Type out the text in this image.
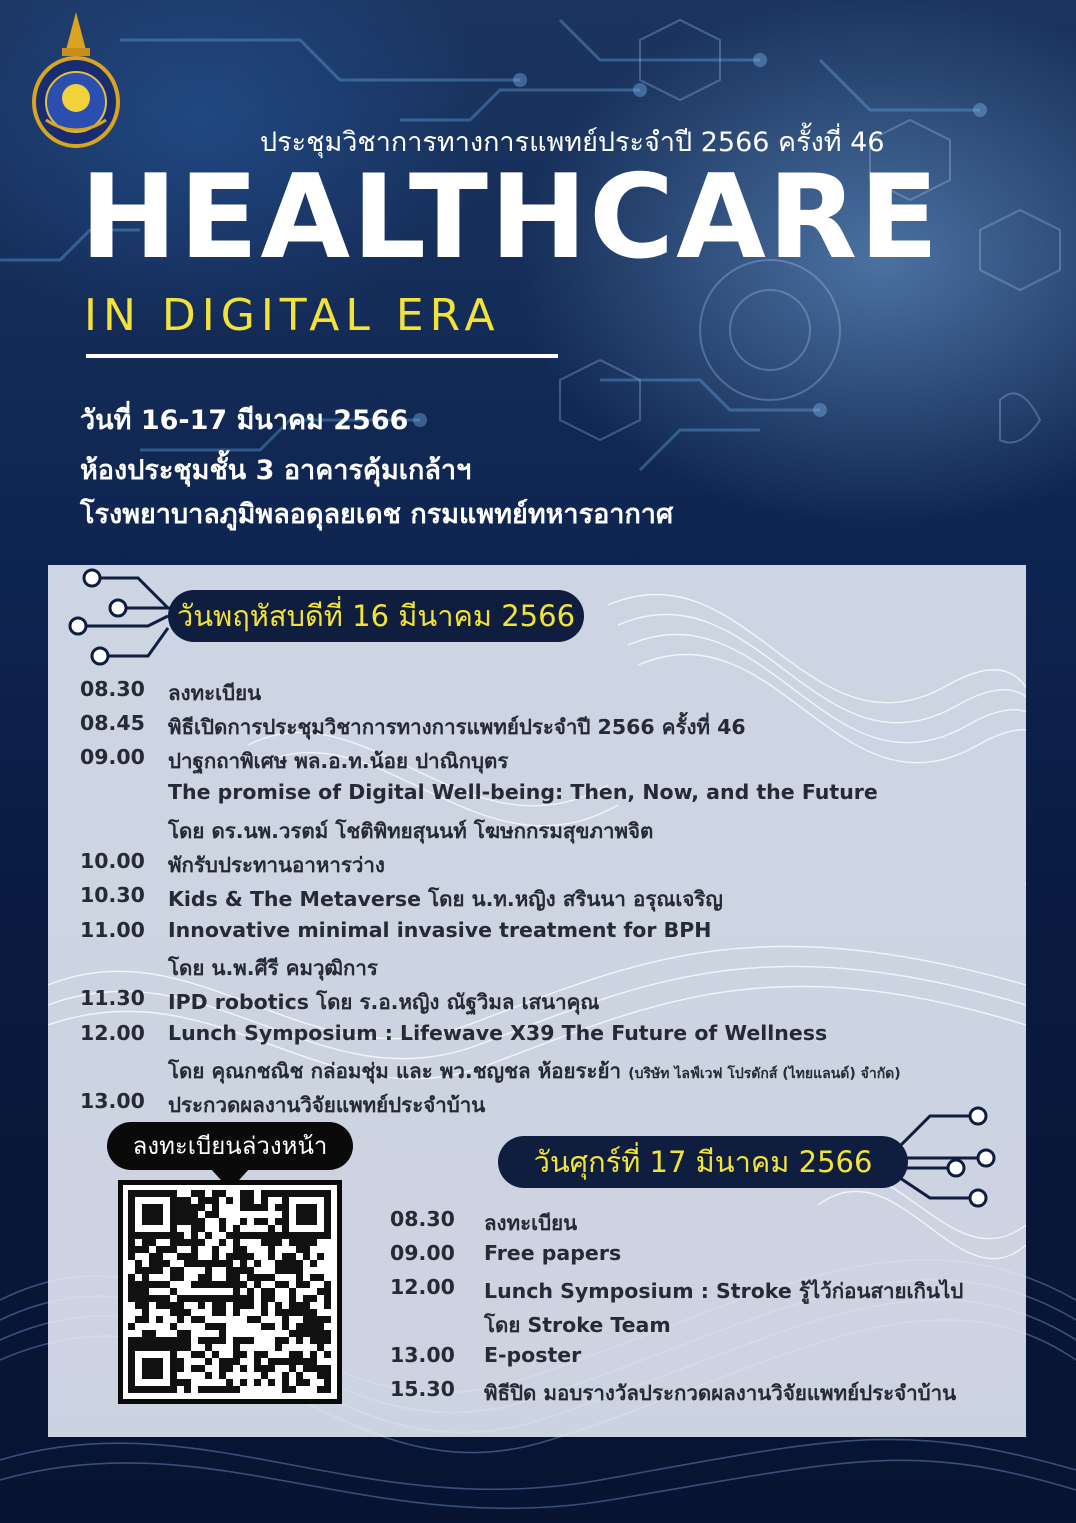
ประชุมวิชาการทางการแพทย์ประจำปี 2566 ครั้งที่ 46
HEALTHCARE
IN DIGITAL ERA
วันที่ 16-17 มีนาคม 2566
ห้องประชุมชั้น 3 อาคารคุ้มเกล้าฯ
โรงพยาบาลภูมิพลอดุลยเดช กรมแพทย์ทหารอากาศ
วันพฤหัสบดีที่ 16 มีนาคม 2566
08.30 ลงทะเบียน
08.45 พิธีเปิดการประชุมวิชาการทางการแพทย์ประจำปี 2566 ครั้งที่ 46
09.00 ปาฐกถาพิเศษ พล.อ.ท.น้อย ปาณิกบุตร
The promise of Digital Well-being: Then, Now, and the Future
โดย ดร.นพ.วรตม์ โชติพิทยสุนนท์ โฆษกกรมสุขภาพจิต
10.00 พักรับประทานอาหารว่าง
10.30 Kids & The Metaverse โดย น.ท.หญิง สรินนา อรุณเจริญ
11.00 Innovative minimal invasive treatment for BPH
โดย น.พ.ศีรี คมวุฒิการ
11.30 IPD robotics โดย ร.อ.หญิง ณัฐวิมล เสนาคุณ
12.00 Lunch Symposium : Lifewave X39 The Future of Wellness
โดย คุณกชณิช กล่อมชุ่ม และ พว.ชญชล ห้อยระย้า (บริษัท ไลฟ์เวฟ โปรดักส์ (ไทยแลนด์) จำกัด)
13.00 ประกวดผลงานวิจัยแพทย์ประจำบ้าน
ลงทะเบียนล่วงหน้า	วันศุกร์ที่ 17 มีนาคม 2566
08.30 ลงทะเบียน
09.00 Free papers
12.00 Lunch Symposium : Stroke รู้ไว้ก่อนสายเกินไป
โดย Stroke Team
13.00 E-poster
15.30 พิธีปิด มอบรางวัลประกวดผลงานวิจัยแพทย์ประจำบ้าน
